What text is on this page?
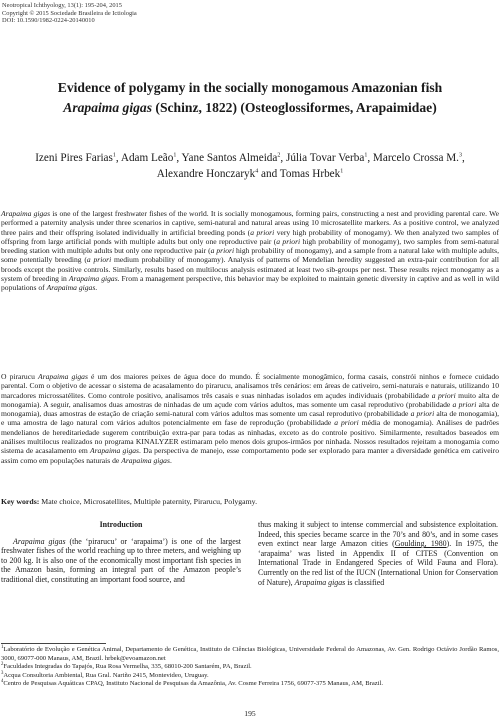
Neotropical Ichthyology, 13(1): 195-204, 2015
Copyright © 2015 Sociedade Brasileira de Ictiologia
DOI: 10.1590/1982-0224-20140010
Evidence of polygamy in the socially monogamous Amazonian fish
Arapaima gigas (Schinz, 1822) (Osteoglossiformes, Arapaimidae)
Izeni Pires Farias$^1$, Adam Leão$^1$, Yane Santos Almeida$^2$, Júlia Tovar Verba$^1$, Marcelo Crossa M.$^3$, Alexandre Honczaryk$^4$ and Tomas Hrbek$^1$
Arapaima gigas is one of the largest freshwater fishes of the world. It is socially monogamous, forming pairs, constructing a nest and providing parental care. We performed a paternity analysis under three scenarios in captive, semi-natural and natural areas using 10 microsatellite markers. As a positive control, we analyzed three pairs and their offspring isolated individually in artificial breeding ponds (a priori very high probability of monogamy). We then analyzed two samples of offspring from large artificial ponds with multiple adults but only one reproductive pair (a priori high probability of monogamy), two samples from semi-natural breeding station with multiple adults but only one reproductive pair (a priori high probability of monogamy), and a sample from a natural lake with multiple adults, some potentially breeding (a priori medium probability of monogamy). Analysis of patterns of Mendelian heredity suggested an extra-pair contribution for all broods except the positive controls. Similarly, results based on multilocus analysis estimated at least two sib-groups per nest. These results reject monogamy as a system of breeding in Arapaima gigas. From a management perspective, this behavior may be exploited to maintain genetic diversity in captive and as well in wild populations of Arapaima gigas.
O pirarucu Arapaima gigas é um dos maiores peixes de água doce do mundo. É socialmente monogâmico, forma casais, constrói ninhos e fornece cuidado parental. Com o objetivo de acessar o sistema de acasalamento do pirarucu, analisamos três cenários: em áreas de cativeiro, semi-naturais e naturais, utilizando 10 marcadores microssatélites. Como controle positivo, analisamos três casais e suas ninhadas isolados em açudes individuais (probabilidade a priori muito alta de monogamia). A seguir, analisamos duas amostras de ninhadas de um açude com vários adultos, mas somente um casal reprodutivo (probabilidade a priori alta de monogamia), duas amostras de estação de criação semi-natural com vários adultos mas somente um casal reprodutivo (probabilidade a priori alta de monogamia), e uma amostra de lago natural com vários adultos potencialmente em fase de reprodução (probabilidade a priori média de monogamia). Análises de padrões mendelianos de hereditariedade sugerem contribuição extra-par para todas as ninhadas, exceto as do controle positivo. Similarmente, resultados baseados em análises multilocus realizados no programa KINALYZER estimaram pelo menos dois grupos-irmãos por ninhada. Nossos resultados rejeitam a monogamia como sistema de acasalamento em Arapaima gigas. Da perspectiva de manejo, esse comportamento pode ser explorado para manter a diversidade genética em cativeiro assim como em populações naturais de Arapaima gigas.
Key words: Mate choice, Microsatellites, Multiple paternity, Pirarucu, Polygamy.
Introduction
Arapaima gigas (the ‘pirarucu’ or ‘arapaima’) is one of the largest freshwater fishes of the world reaching up to three meters, and weighing up to 200 kg. It is also one of the economically most important fish species in the Amazon basin, forming an integral part of the Amazon people’s traditional diet, constituting an important food source, and
thus making it subject to intense commercial and subsistence exploitation. Indeed, this species became scarce in the 70’s and 80’s, and in some cases even extinct near large Amazon cities (Goulding, 1980). In 1975, the ‘arapaima’ was listed in Appendix II of CITES (Convention on International Trade in Endangered Species of Wild Fauna and Flora). Currently on the red list of the IUCN (International Union for Conservation of Nature), Arapaima gigas is classified
$^1$Laboratório de Evolução e Genética Animal, Departamento de Genética, Instituto de Ciências Biológicas, Universidade Federal do Amazonas, Av. Gen. Rodrigo Octávio Jordão Ramos, 3000, 69077-000 Manaus, AM, Brazil. hrbek@evoamazon.net
$^2$Faculdades Integradas do Tapajós, Rua Rosa Vermelha, 335, 68010-200 Santarém, PA, Brazil.
$^3$Acqua Consultoria Ambiental, Rua Gral. Nariño 2415, Montevideo, Uruguay.
$^4$Centro de Pesquisas Aquáticas CPAQ, Instituto Nacional de Pesquisas da Amazônia, Av. Cosme Ferreira 1756, 69077-375 Manaus, AM, Brazil.
195
